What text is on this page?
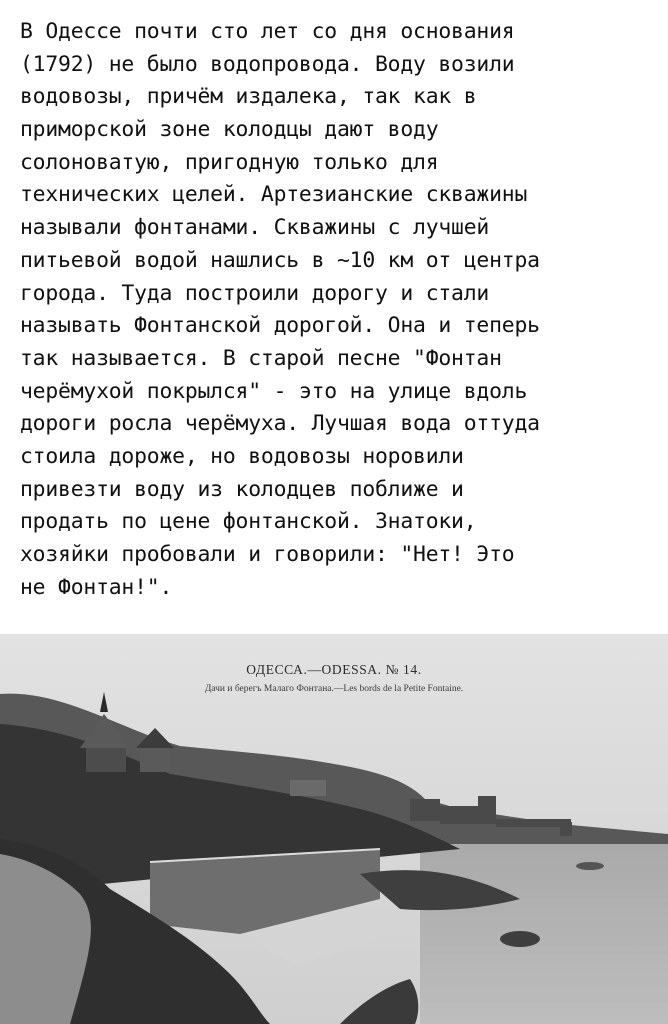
В Одессе почти сто лет со дня основания
(1792) не было водопровода. Воду возили
водовозы, причём издалека, так как в
приморской зоне колодцы дают воду
солоноватую, пригодную только для
технических целей. Артезианские скважины
называли фонтанами. Скважины с лучшей
питьевой водой нашлись в ~10 км от центра
города. Туда построили дорогу и стали
называть Фонтанской дорогой. Она и теперь
так называется. В старой песне "Фонтан
черёмухой покрылся" - это на улице вдоль
дороги росла черёмуха. Лучшая вода оттуда
стоила дороже, но водовозы норовили
привезти воду из колодцев поближе и
продать по цене фонтанской. Знатоки,
хозяйки пробовали и говорили: "Нет! Это
не Фонтан!".
ОДЕССА.—ODESSA. № 14.
Дачи и берегъ Малаго Фонтана.—Les bords de la Petite Fontaine.
